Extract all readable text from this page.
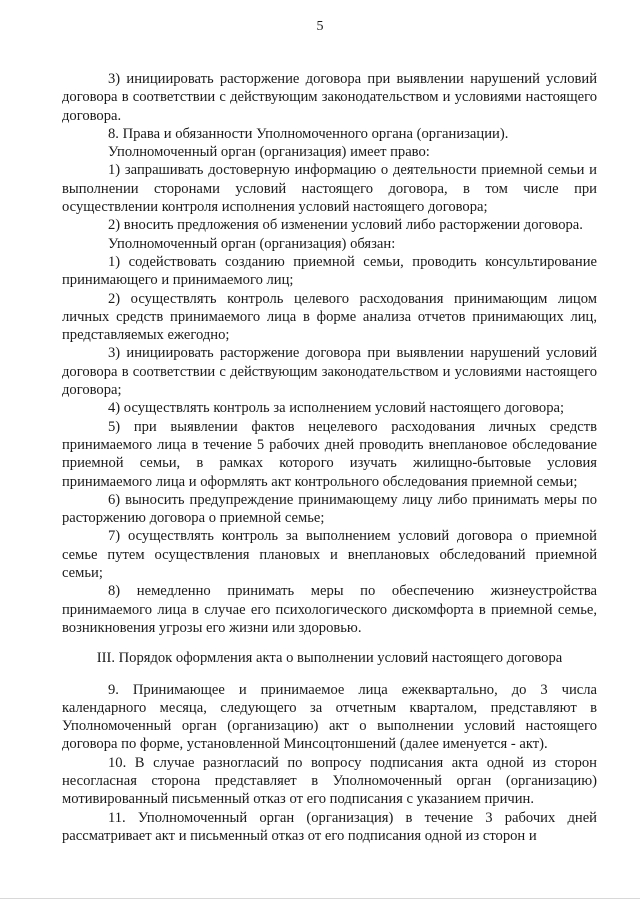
5

3) инициировать расторжение договора при выявлении нарушений условий договора в соответствии с действующим законодательством и условиями настоящего договора.

8. Права и обязанности Уполномоченного органа (организации).

Уполномоченный орган (организация) имеет право:

1) запрашивать достоверную информацию о деятельности приемной семьи и выполнении сторонами условий настоящего договора, в том числе при осуществлении контроля исполнения условий настоящего договора;

2) вносить предложения об изменении условий либо расторжении договора.

Уполномоченный орган (организация) обязан:

1) содействовать созданию приемной семьи, проводить консультирование принимающего и принимаемого лиц;

2) осуществлять контроль целевого расходования принимающим лицом личных средств принимаемого лица в форме анализа отчетов принимающих лиц, представляемых ежегодно;

3) инициировать расторжение договора при выявлении нарушений условий договора в соответствии с действующим законодательством и условиями настоящего договора;

4) осуществлять контроль за исполнением условий настоящего договора;

5) при выявлении фактов нецелевого расходования личных средств принимаемого лица в течение 5 рабочих дней проводить внеплановое обследование приемной семьи, в рамках которого изучать жилищно-бытовые условия принимаемого лица и оформлять акт контрольного обследования приемной семьи;

6) выносить предупреждение принимающему лицу либо принимать меры по расторжению договора о приемной семье;

7) осуществлять контроль за выполнением условий договора о приемной семье путем осуществления плановых и внеплановых обследований приемной семьи;

8) немедленно принимать меры по обеспечению жизнеустройства принимаемого лица в случае его психологического дискомфорта в приемной семье, возникновения угрозы его жизни или здоровью.

III. Порядок оформления акта о выполнении условий настоящего договора

9. Принимающее и принимаемое лица ежеквартально, до 3 числа календарного месяца, следующего за отчетным кварталом, представляют в Уполномоченный орган (организацию) акт о выполнении условий настоящего договора по форме, установленной Минсоцтоншений (далее именуется - акт).

10. В случае разногласий по вопросу подписания акта одной из сторон несогласная сторона представляет в Уполномоченный орган (организацию) мотивированный письменный отказ от его подписания с указанием причин.

11. Уполномоченный орган (организация) в течение 3 рабочих дней рассматривает акт и письменный отказ от его подписания одной из сторон и
